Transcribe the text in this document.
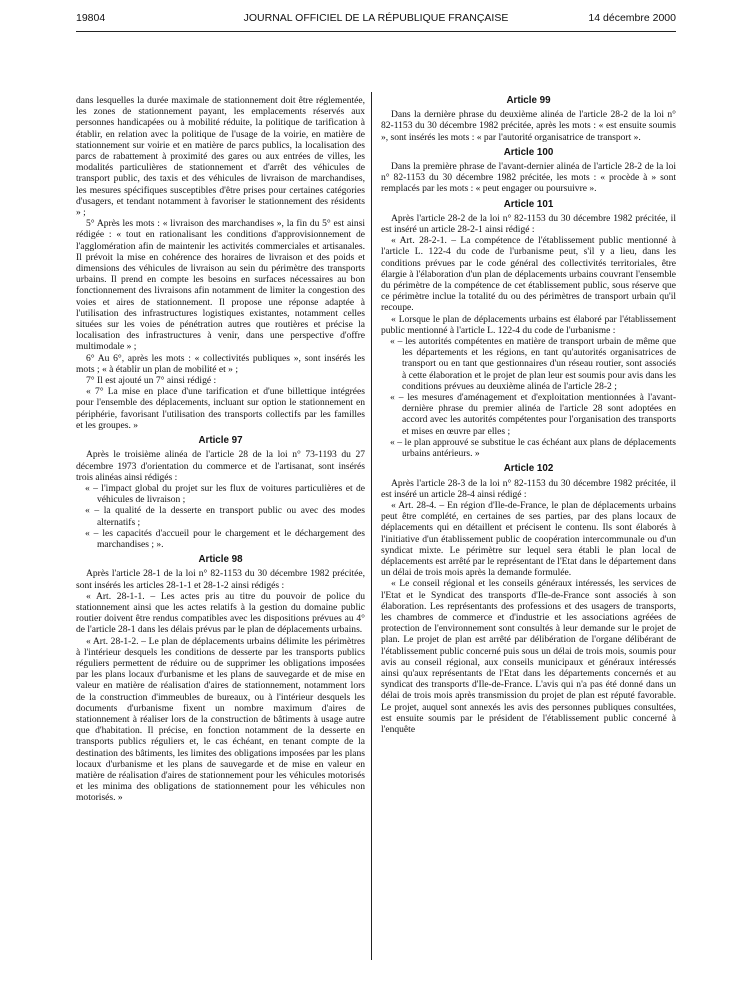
19804	JOURNAL OFFICIEL DE LA RÉPUBLIQUE FRANÇAISE	14 décembre 2000

dans lesquelles la durée maximale de stationnement doit être réglementée, les zones de stationnement payant, les emplacements réservés aux personnes handicapées ou à mobilité réduite, la politique de tarification à établir, en relation avec la politique de l'usage de la voirie, en matière de stationnement sur voirie et en matière de parcs publics, la localisation des parcs de rabattement à proximité des gares ou aux entrées de villes, les modalités particulières de stationnement et d'arrêt des véhicules de transport public, des taxis et des véhicules de livraison de marchandises, les mesures spécifiques susceptibles d'être prises pour certaines catégories d'usagers, et tendant notamment à favoriser le stationnement des résidents » ;

5° Après les mots : « livraison des marchandises », la fin du 5° est ainsi rédigée : « tout en rationalisant les conditions d'approvisionnement de l'agglomération afin de maintenir les activités commerciales et artisanales. Il prévoit la mise en cohérence des horaires de livraison et des poids et dimensions des véhicules de livraison au sein du périmètre des transports urbains. Il prend en compte les besoins en surfaces nécessaires au bon fonctionnement des livraisons afin notamment de limiter la congestion des voies et aires de stationnement. Il propose une réponse adaptée à l'utilisation des infrastructures logistiques existantes, notamment celles situées sur les voies de pénétration autres que routières et précise la localisation des infrastructures à venir, dans une perspective d'offre multimodale » ;

6° Au 6°, après les mots : « collectivités publiques », sont insérés les mots ; « à établir un plan de mobilité et » ;

7° Il est ajouté un 7° ainsi rédigé :

« 7° La mise en place d'une tarification et d'une billettique intégrées pour l'ensemble des déplacements, incluant sur option le stationnement en périphérie, favorisant l'utilisation des transports collectifs par les familles et les groupes. »

Article 97

Après le troisième alinéa de l'article 28 de la loi n° 73-1193 du 27 décembre 1973 d'orientation du commerce et de l'artisanat, sont insérés trois alinéas ainsi rédigés :

« – l'impact global du projet sur les flux de voitures particulières et de véhicules de livraison ;

« – la qualité de la desserte en transport public ou avec des modes alternatifs ;

« – les capacités d'accueil pour le chargement et le déchargement des marchandises ; ».

Article 98

Après l'article 28-1 de la loi n° 82-1153 du 30 décembre 1982 précitée, sont insérés les articles 28-1-1 et 28-1-2 ainsi rédigés :

« Art. 28-1-1. – Les actes pris au titre du pouvoir de police du stationnement ainsi que les actes relatifs à la gestion du domaine public routier doivent être rendus compatibles avec les dispositions prévues au 4° de l'article 28-1 dans les délais prévus par le plan de déplacements urbains.

« Art. 28-1-2. – Le plan de déplacements urbains délimite les périmètres à l'intérieur desquels les conditions de desserte par les transports publics réguliers permettent de réduire ou de supprimer les obligations imposées par les plans locaux d'urbanisme et les plans de sauvegarde et de mise en valeur en matière de réalisation d'aires de stationnement, notamment lors de la construction d'immeubles de bureaux, ou à l'intérieur desquels les documents d'urbanisme fixent un nombre maximum d'aires de stationnement à réaliser lors de la construction de bâtiments à usage autre que d'habitation. Il précise, en fonction notamment de la desserte en transports publics réguliers et, le cas échéant, en tenant compte de la destination des bâtiments, les limites des obligations imposées par les plans locaux d'urbanisme et les plans de sauvegarde et de mise en valeur en matière de réalisation d'aires de stationnement pour les véhicules motorisés et les minima des obligations de stationnement pour les véhicules non motorisés. »

Article 99

Dans la dernière phrase du deuxième alinéa de l'article 28-2 de la loi n° 82-1153 du 30 décembre 1982 précitée, après les mots : « est ensuite soumis », sont insérés les mots : « par l'autorité organisatrice de transport ».

Article 100

Dans la première phrase de l'avant-dernier alinéa de l'article 28-2 de la loi n° 82-1153 du 30 décembre 1982 précitée, les mots : « procède à » sont remplacés par les mots : « peut engager ou poursuivre ».

Article 101

Après l'article 28-2 de la loi n° 82-1153 du 30 décembre 1982 précitée, il est inséré un article 28-2-1 ainsi rédigé :

« Art. 28-2-1. – La compétence de l'établissement public mentionné à l'article L. 122-4 du code de l'urbanisme peut, s'il y a lieu, dans les conditions prévues par le code général des collectivités territoriales, être élargie à l'élaboration d'un plan de déplacements urbains couvrant l'ensemble du périmètre de la compétence de cet établissement public, sous réserve que ce périmètre inclue la totalité du ou des périmètres de transport urbain qu'il recoupe.

« Lorsque le plan de déplacements urbains est élaboré par l'établissement public mentionné à l'article L. 122-4 du code de l'urbanisme :

« – les autorités compétentes en matière de transport urbain de même que les départements et les régions, en tant qu'autorités organisatrices de transport ou en tant que gestionnaires d'un réseau routier, sont associés à cette élaboration et le projet de plan leur est soumis pour avis dans les conditions prévues au deuxième alinéa de l'article 28-2 ;

« – les mesures d'aménagement et d'exploitation mentionnées à l'avant-dernière phrase du premier alinéa de l'article 28 sont adoptées en accord avec les autorités compétentes pour l'organisation des transports et mises en œuvre par elles ;

« – le plan approuvé se substitue le cas échéant aux plans de déplacements urbains antérieurs. »

Article 102

Après l'article 28-3 de la loi n° 82-1153 du 30 décembre 1982 précitée, il est inséré un article 28-4 ainsi rédigé :

« Art. 28-4. – En région d'Ile-de-France, le plan de déplacements urbains peut être complété, en certaines de ses parties, par des plans locaux de déplacements qui en détaillent et précisent le contenu. Ils sont élaborés à l'initiative d'un établissement public de coopération intercommunale ou d'un syndicat mixte. Le périmètre sur lequel sera établi le plan local de déplacements est arrêté par le représentant de l'Etat dans le département dans un délai de trois mois après la demande formulée.

« Le conseil régional et les conseils généraux intéressés, les services de l'Etat et le Syndicat des transports d'Ile-de-France sont associés à son élaboration. Les représentants des professions et des usagers de transports, les chambres de commerce et d'industrie et les associations agréées de protection de l'environnement sont consultés à leur demande sur le projet de plan. Le projet de plan est arrêté par délibération de l'organe délibérant de l'établissement public concerné puis sous un délai de trois mois, soumis pour avis au conseil régional, aux conseils municipaux et généraux intéressés ainsi qu'aux représentants de l'Etat dans les départements concernés et au syndicat des transports d'Ile-de-France. L'avis qui n'a pas été donné dans un délai de trois mois après transmission du projet de plan est réputé favorable. Le projet, auquel sont annexés les avis des personnes publiques consultées, est ensuite soumis par le président de l'établissement public concerné à l'enquête
